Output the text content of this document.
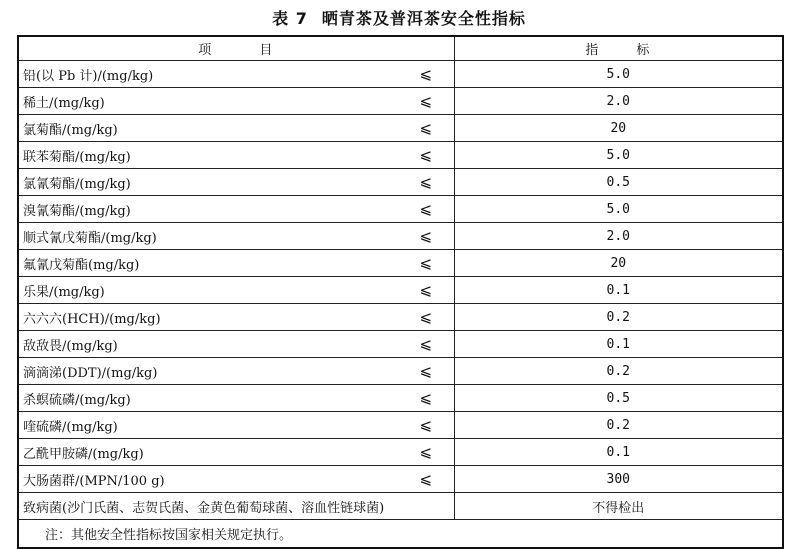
表 7 晒青茶及普洱茶安全性指标
项 目		指 标
铅(以 Pb 计)/(mg/kg)	⩽	5.0
稀土/(mg/kg)	⩽	2.0
氯菊酯/(mg/kg)	⩽	20
联苯菊酯/(mg/kg)	⩽	5.0
氯氰菊酯/(mg/kg)	⩽	0.5
溴氰菊酯/(mg/kg)	⩽	5.0
顺式氰戊菊酯/(mg/kg)	⩽	2.0
氟氰戊菊酯(mg/kg)	⩽	20
乐果/(mg/kg)	⩽	0.1
六六六(HCH)/(mg/kg)	⩽	0.2
敌敌畏/(mg/kg)	⩽	0.1
滴滴涕(DDT)/(mg/kg)	⩽	0.2
杀螟硫磷/(mg/kg)	⩽	0.5
喹硫磷/(mg/kg)	⩽	0.2
乙酰甲胺磷/(mg/kg)	⩽	0.1
大肠菌群/(MPN/100 g)	⩽	300
致病菌(沙门氏菌、志贺氏菌、金黄色葡萄球菌、溶血性链球菌)		不得检出
注：其他安全性指标按国家相关规定执行。		
